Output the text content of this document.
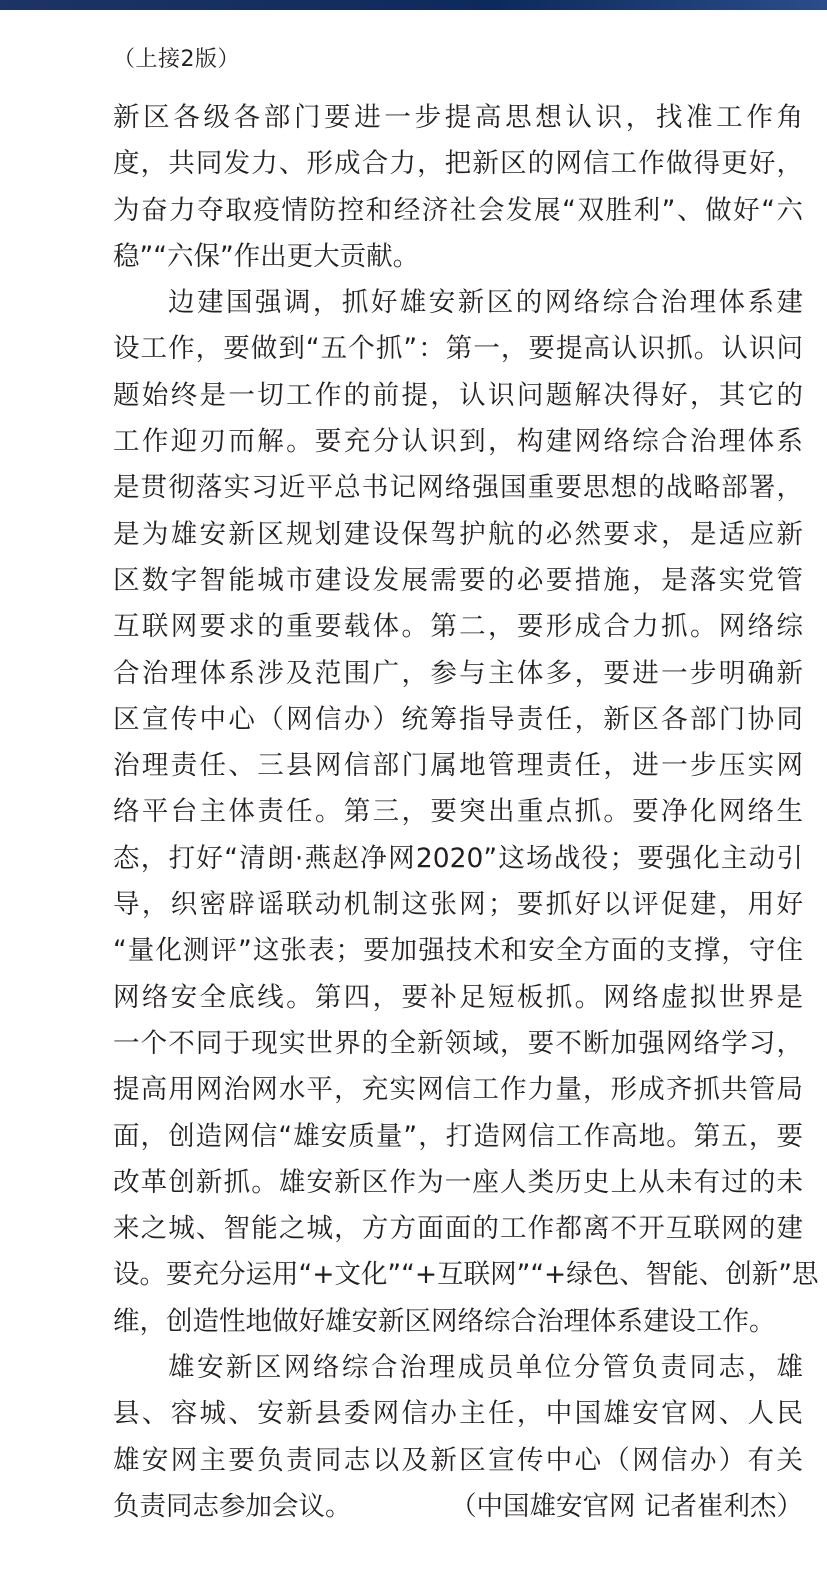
（上接2版）
新区各级各部门要进一步提高思想认识，找准工作角
度，共同发力、形成合力，把新区的网信工作做得更好，
为奋力夺取疫情防控和经济社会发展“双胜利”、做好“六
稳”“六保”作出更大贡献。
边建国强调，抓好雄安新区的网络综合治理体系建
设工作，要做到“五个抓”：第一，要提高认识抓。认识问
题始终是一切工作的前提，认识问题解决得好，其它的
工作迎刃而解。要充分认识到，构建网络综合治理体系
是贯彻落实习近平总书记网络强国重要思想的战略部署，
是为雄安新区规划建设保驾护航的必然要求，是适应新
区数字智能城市建设发展需要的必要措施，是落实党管
互联网要求的重要载体。第二，要形成合力抓。网络综
合治理体系涉及范围广，参与主体多，要进一步明确新
区宣传中心（网信办）统筹指导责任，新区各部门协同
治理责任、三县网信部门属地管理责任，进一步压实网
络平台主体责任。第三，要突出重点抓。要净化网络生
态，打好“清朗·燕赵净网2020”这场战役；要强化主动引
导，织密辟谣联动机制这张网；要抓好以评促建，用好
“量化测评”这张表；要加强技术和安全方面的支撑，守住
网络安全底线。第四，要补足短板抓。网络虚拟世界是
一个不同于现实世界的全新领域，要不断加强网络学习，
提高用网治网水平，充实网信工作力量，形成齐抓共管局
面，创造网信“雄安质量”，打造网信工作高地。第五，要
改革创新抓。雄安新区作为一座人类历史上从未有过的未
来之城、智能之城，方方面面的工作都离不开互联网的建
设。要充分运用“+文化”“+互联网”“+绿色、智能、创新”思
维，创造性地做好雄安新区网络综合治理体系建设工作。
雄安新区网络综合治理成员单位分管负责同志，雄
县、容城、安新县委网信办主任，中国雄安官网、人民
雄安网主要负责同志以及新区宣传中心（网信办）有关
负责同志参加会议。	（中国雄安官网 记者崔利杰）
